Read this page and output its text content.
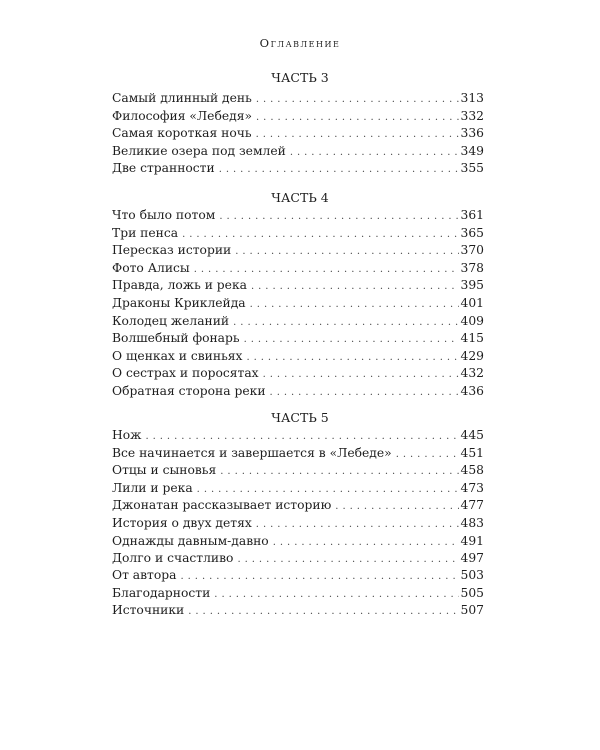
Оглавление
ЧАСТЬ 3
Самый длинный день . . .	313
Философия «Лебедя» . . .	332
Самая короткая ночь . . .	336
Великие озера под землей . . .	349
Две странности . . .	355
ЧАСТЬ 4
Что было потом . . .	361
Три пенса . . .	365
Пересказ истории . . .	370
Фото Алисы . . .	378
Правда, ложь и река . . .	395
Драконы Криклейда . . .	401
Колодец желаний . . .	409
Волшебный фонарь . . .	415
О щенках и свиньях . . .	429
О сестрах и поросятах . . .	432
Обратная сторона реки . . .	436
ЧАСТЬ 5
Нож . . .	445
Все начинается и завершается в «Лебеде» . . .	451
Отцы и сыновья . . .	458
Лили и река . . .	473
Джонатан рассказывает историю . . .	477
История о двух детях . . .	483
Однажды давным-давно . . .	491
Долго и счастливо . . .	497
От автора . . .	503
Благодарности . . .	505
Источники . . .	507
